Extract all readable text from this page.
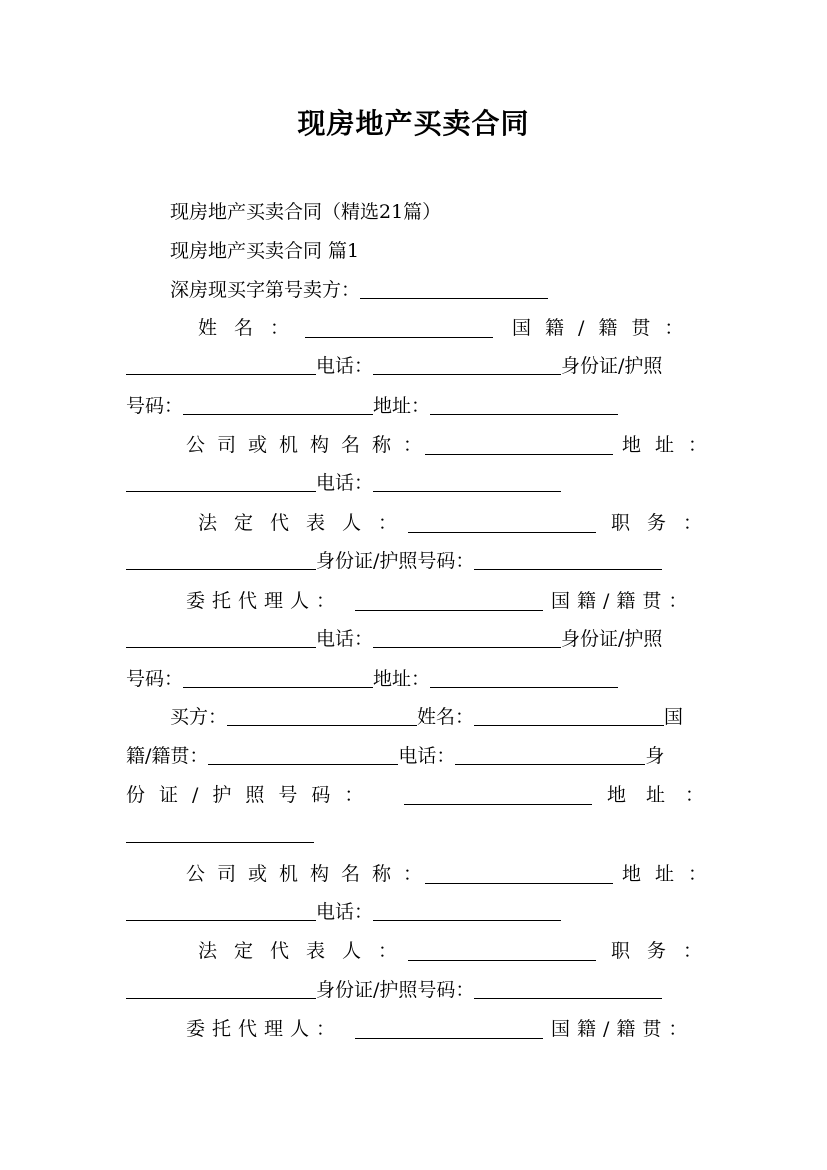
现房地产买卖合同
现房地产买卖合同（精选21篇）
现房地产买卖合同 篇1
深房现买字第号卖方：
姓名：	国籍/籍贯：
电话：	身份证/护照
号码：	地址：
公司或机构名称：	地址：
电话：
法定代表人：	职务：
身份证/护照号码：
委托代理人：	国籍/籍贯：
电话：	身份证/护照
号码：	地址：
买方：	姓名：	国
籍/籍贯：	电话：	身
份证/护照号码：	地址：
公司或机构名称：	地址：
电话：
法定代表人：	职务：
身份证/护照号码：
委托代理人：	国籍/籍贯：
